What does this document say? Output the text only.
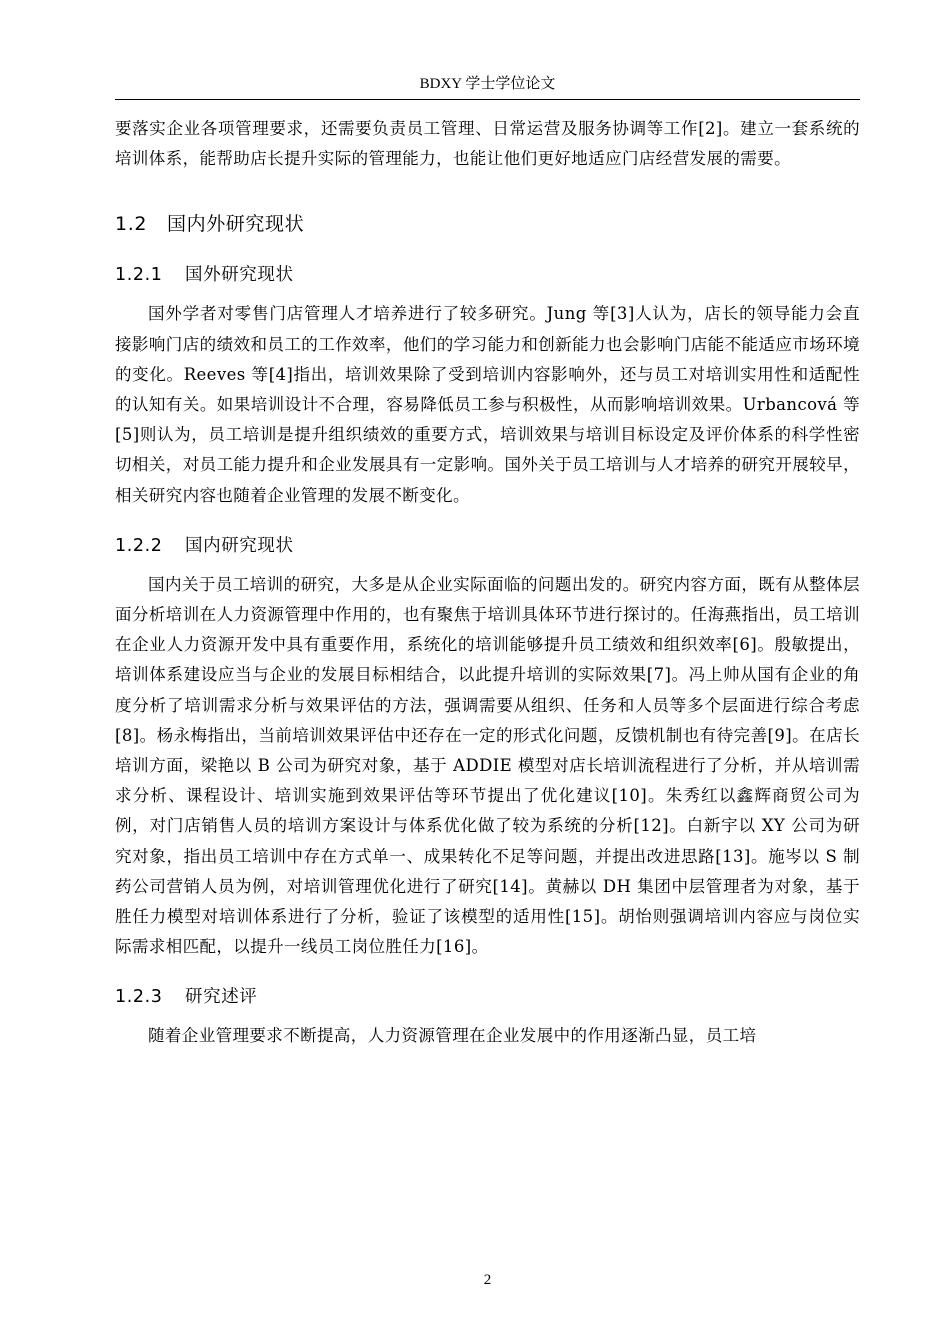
BDXY 学士学位论文

要落实企业各项管理要求，还需要负责员工管理、日常运营及服务协调等工作[2]。建立一套系统的培训体系，能帮助店长提升实际的管理能力，也能让他们更好地适应门店经营发展的需要。

1.2 国内外研究现状
1.2.1 国外研究现状

国外学者对零售门店管理人才培养进行了较多研究。Jung 等[3]人认为，店长的领导能力会直接影响门店的绩效和员工的工作效率，他们的学习能力和创新能力也会影响门店能不能适应市场环境的变化。Reeves 等[4]指出，培训效果除了受到培训内容影响外，还与员工对培训实用性和适配性的认知有关。如果培训设计不合理，容易降低员工参与积极性，从而影响培训效果。Urbancová 等[5]则认为，员工培训是提升组织绩效的重要方式，培训效果与培训目标设定及评价体系的科学性密切相关，对员工能力提升和企业发展具有一定影响。国外关于员工培训与人才培养的研究开展较早，相关研究内容也随着企业管理的发展不断变化。

1.2.2 国内研究现状

国内关于员工培训的研究，大多是从企业实际面临的问题出发的。研究内容方面，既有从整体层面分析培训在人力资源管理中作用的，也有聚焦于培训具体环节进行探讨的。任海燕指出，员工培训在企业人力资源开发中具有重要作用，系统化的培训能够提升员工绩效和组织效率[6]。殷敏提出，培训体系建设应当与企业的发展目标相结合，以此提升培训的实际效果[7]。冯上帅从国有企业的角度分析了培训需求分析与效果评估的方法，强调需要从组织、任务和人员等多个层面进行综合考虑[8]。杨永梅指出，当前培训效果评估中还存在一定的形式化问题，反馈机制也有待完善[9]。在店长培训方面，梁艳以 B 公司为研究对象，基于 ADDIE 模型对店长培训流程进行了分析，并从培训需求分析、课程设计、培训实施到效果评估等环节提出了优化建议[10]。朱秀红以鑫辉商贸公司为例，对门店销售人员的培训方案设计与体系优化做了较为系统的分析[12]。白新宇以 XY 公司为研究对象，指出员工培训中存在方式单一、成果转化不足等问题，并提出改进思路[13]。施岑以 S 制药公司营销人员为例，对培训管理优化进行了研究[14]。黄赫以 DH 集团中层管理者为对象，基于胜任力模型对培训体系进行了分析，验证了该模型的适用性[15]。胡怡则强调培训内容应与岗位实际需求相匹配，以提升一线员工岗位胜任力[16]。

1.2.3 研究述评

随着企业管理要求不断提高，人力资源管理在企业发展中的作用逐渐凸显，员工培

2
